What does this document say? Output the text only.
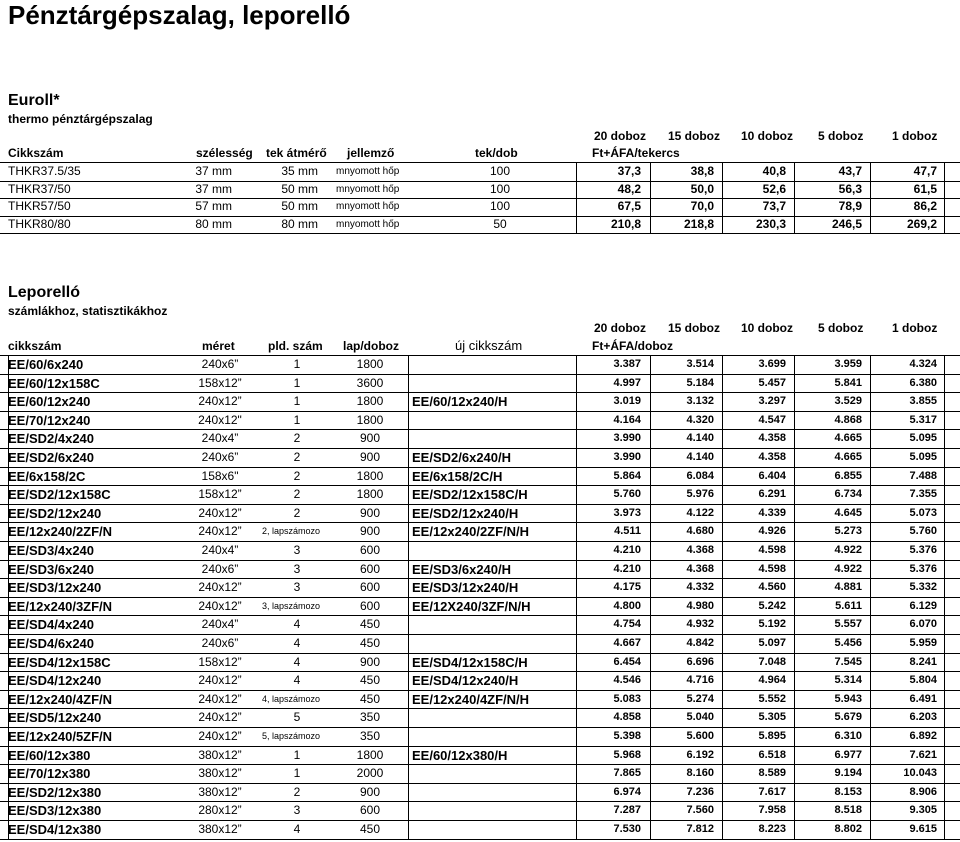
Pénztárgépszalag, leporelló
Euroll*
thermo pénztárgépszalag
20 doboz 15 doboz 10 doboz 5 doboz 1 doboz
Cikkszám	szélesség tek átmérő jellemző	tek/dob	Ft+ÁFA/tekercs
THKR37.5/35	37 mm	35 mm mnyomott hőp	100	37,3	38,8	40,8	43,7	47,7
THKR37/50	37 mm	50 mm mnyomott hőp	100	48,2	50,0	52,6	56,3	61,5
THKR57/50	57 mm	50 mm mnyomott hőp	100	67,5	70,0	73,7	78,9	86,2
THKR80/80	80 mm	80 mm mnyomott hőp	50	210,8	218,8	230,3	246,5	269,2
Leporelló
számlákhoz, statisztikákhoz
20 doboz 15 doboz 10 doboz 5 doboz 1 doboz
cikkszám	méret	pld. szám lap/doboz	új cikkszám	Ft+ÁFA/doboz
EE/60/6x240	240x6”	1	1800	3.387	3.514	3.699	3.959	4.324
EE/60/12x158C	158x12”	1	3600	4.997	5.184	5.457	5.841	6.380
EE/60/12x240	240x12”	1	1800	EE/60/12x240/H	3.019	3.132	3.297	3.529	3.855
EE/70/12x240	240x12"	1	1800	4.164	4.320	4.547	4.868	5.317
EE/SD2/4x240	240x4”	2	900	3.990	4.140	4.358	4.665	5.095
EE/SD2/6x240	240x6”	2	900	EE/SD2/6x240/H	3.990	4.140	4.358	4.665	5.095
EE/6x158/2C	158x6"	2	1800	EE/6x158/2C/H	5.864	6.084	6.404	6.855	7.488
EE/SD2/12x158C	158x12”	2	1800	EE/SD2/12x158C/H	5.760	5.976	6.291	6.734	7.355
EE/SD2/12x240	240x12”	2	900	EE/SD2/12x240/H	3.973	4.122	4.339	4.645	5.073
EE/12x240/2ZF/N	240x12”	2, lapszámozo	900	EE/12x240/2ZF/N/H	4.511	4.680	4.926	5.273	5.760
EE/SD3/4x240	240x4”	3	600	4.210	4.368	4.598	4.922	5.376
EE/SD3/6x240	240x6”	3	600	EE/SD3/6x240/H	4.210	4.368	4.598	4.922	5.376
EE/SD3/12x240	240x12”	3	600	EE/SD3/12x240/H	4.175	4.332	4.560	4.881	5.332
EE/12x240/3ZF/N	240x12”	3, lapszámozo	600	EE/12X240/3ZF/N/H	4.800	4.980	5.242	5.611	6.129
EE/SD4/4x240	240x4”	4	450	4.754	4.932	5.192	5.557	6.070
EE/SD4/6x240	240x6”	4	450	4.667	4.842	5.097	5.456	5.959
EE/SD4/12x158C	158x12”	4	900	EE/SD4/12x158C/H	6.454	6.696	7.048	7.545	8.241
EE/SD4/12x240	240x12”	4	450	EE/SD4/12x240/H	4.546	4.716	4.964	5.314	5.804
EE/12x240/4ZF/N	240x12”	4, lapszámozo	450	EE/12x240/4ZF/N/H	5.083	5.274	5.552	5.943	6.491
EE/SD5/12x240	240x12”	5	350	4.858	5.040	5.305	5.679	6.203
EE/12x240/5ZF/N	240x12”	5, lapszámozo	350	5.398	5.600	5.895	6.310	6.892
EE/60/12x380	380x12”	1	1800	EE/60/12x380/H	5.968	6.192	6.518	6.977	7.621
EE/70/12x380	380x12”	1	2000	7.865	8.160	8.589	9.194	10.043
EE/SD2/12x380	380x12”	2	900	6.974	7.236	7.617	8.153	8.906
EE/SD3/12x380	280x12”	3	600	7.287	7.560	7.958	8.518	9.305
EE/SD4/12x380	380x12”	4	450	7.530	7.812	8.223	8.802	9.615
